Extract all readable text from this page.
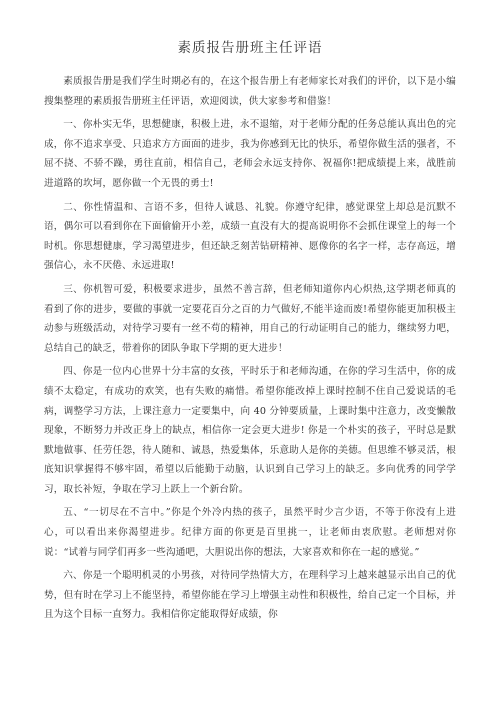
素质报告册班主任评语

素质报告册是我们学生时期必有的，在这个报告册上有老师家长对我们的评价，以下是小编搜集整理的素质报告册班主任评语，欢迎阅读，供大家参考和借鉴！

一、你朴实无华，思想健康，积极上进，永不退缩，对于老师分配的任务总能认真出色的完成，你不追求享受、只追求方方面面的进步，我为你感到无比的快乐，希望你做生活的强者，不屈不挠、不骄不躁，勇往直前，相信自己，老师会永远支持你、祝福你!把成绩提上来，战胜前进道路的坎坷，愿你做一个无畏的勇士!

二、你性情温和、言语不多，但待人诚恳、礼貌。你遵守纪律，感觉课堂上却总是沉默不语，偶尔可以看到你在下面偷偷开小差，成绩一直没有大的提高说明你不会抓住课堂上的每一个时机。你思想健康，学习渴望进步，但还缺乏刻苦钻研精神、愿像你的名字一样，志存高远，增强信心，永不厌倦、永远进取!

三、你机智可爱，积极要求进步，虽然不善言辞，但老师知道你内心炽热,这学期老师真的看到了你的进步，要做的事就一定要花百分之百的力气做好,不能半途而废!希望你能更加积极主动参与班级活动，对待学习要有一丝不苟的精神，用自己的行动证明自己的能力，继续努力吧，总结自己的缺乏，带着你的团队争取下学期的更大进步！

四、你是一位内心世界十分丰富的女孩，平时乐于和老师沟通，在你的学习生活中，你的成绩不太稳定，有成功的欢笑，也有失败的痛惜。希望你能改掉上课时控制不住自己爱说话的毛病，调整学习方法，上课注意力一定要集中，向 40 分钟要质量，上课时集中注意力，改变懒散现象，不断努力并改正身上的缺点，相信你一定会更大进步! 你是一个朴实的孩子，平时总是默默地做事、任劳任怨，待人随和、诚恳，热爱集体，乐意助人是你的美德。但思维不够灵活，根底知识掌握得不够牢固，希望以后能勤于动脑，认识到自己学习上的缺乏。多向优秀的同学学习，取长补短，争取在学习上跃上一个新台阶。

五、“一切尽在不言中。”你是个外冷内热的孩子，虽然平时少言少语，不等于你没有上进心，可以看出来你渴望进步。纪律方面的你更是百里挑一，让老师由衷欣慰。老师想对你说：“试着与同学们再多一些沟通吧，大胆说出你的想法，大家喜欢和你在一起的感觉。”

六、你是一个聪明机灵的小男孩，对待同学热情大方，在理科学习上越来越显示出自己的优势，但有时在学习上不能坚持，希望你能在学习上增强主动性和积极性，给自己定一个目标，并且为这个目标一直努力。我相信你定能取得好成绩，你
